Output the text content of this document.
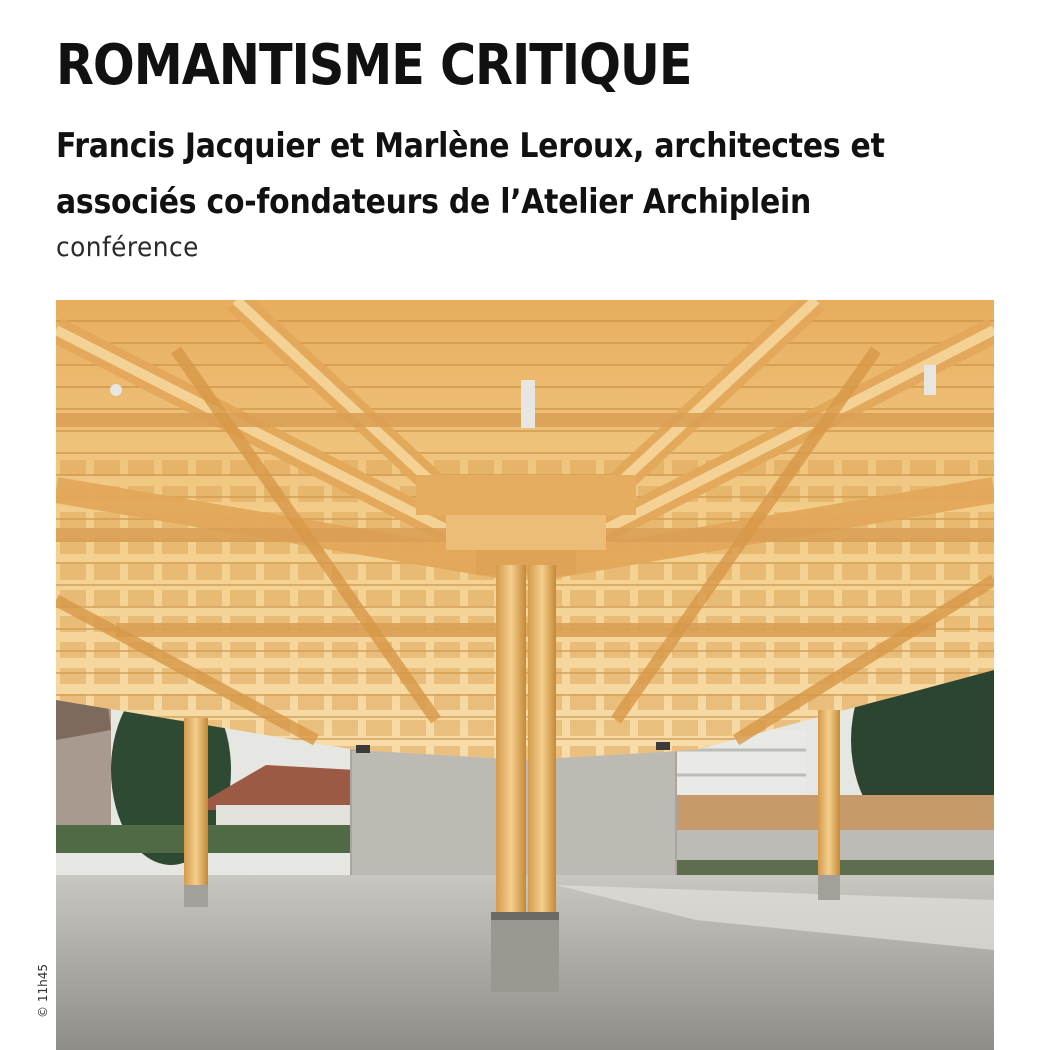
ROMANTISME CRITIQUE

Francis Jacquier et Marlène Leroux, architectes et associés co-fondateurs de l’Atelier Archiplein

conférence

© 11h45
